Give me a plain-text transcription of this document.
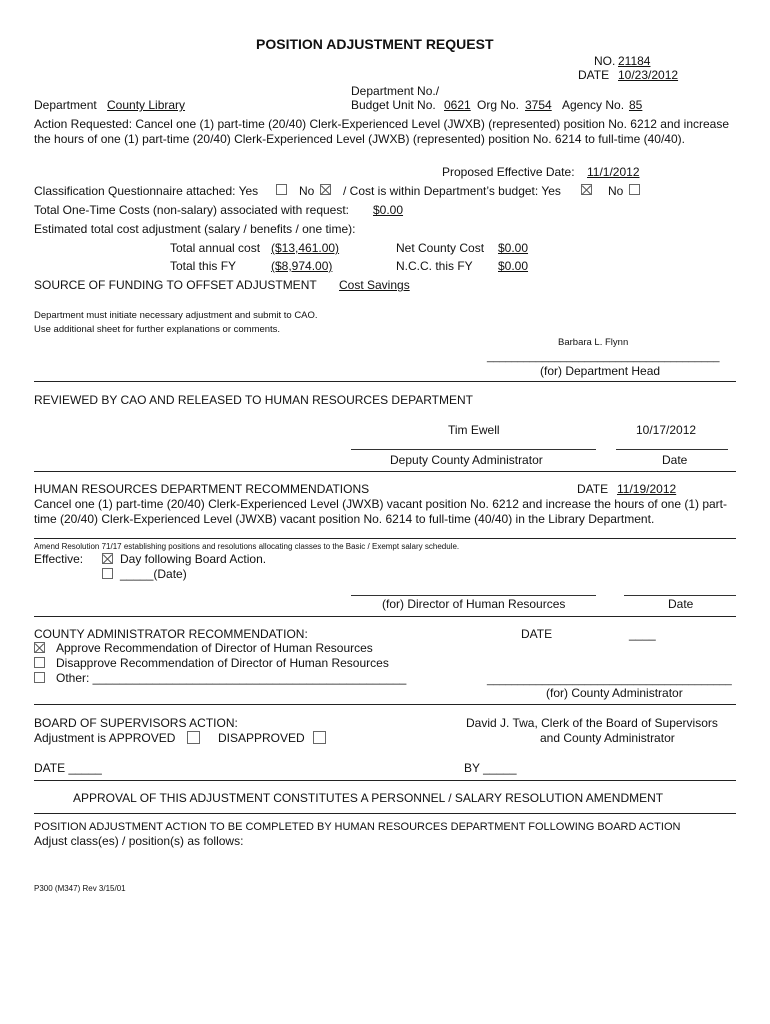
POSITION ADJUSTMENT REQUEST
NO. 21184
DATE 10/23/2012
Department No./
Department County Library	Budget Unit No. 0621 Org No. 3754 Agency No. 85
Action Requested: Cancel one (1) part-time (20/40) Clerk-Experienced Level (JWXB) (represented) position No. 6212 and increase the hours of one (1) part-time (20/40) Clerk-Experienced Level (JWXB) (represented) position No. 6214 to full-time (40/40).
Proposed Effective Date: 11/1/2012
Classification Questionnaire attached: Yes	No / Cost is within Department’s budget: Yes	No
Total One-Time Costs (non-salary) associated with request: $0.00
Estimated total cost adjustment (salary / benefits / one time):
Total annual cost ($13,461.00)	Net County Cost $0.00
Total this FY	($8,974.00)	N.C.C. this FY $0.00
SOURCE OF FUNDING TO OFFSET ADJUSTMENT Cost Savings
Department must initiate necessary adjustment and submit to CAO.
Use additional sheet for further explanations or comments.
Barbara L. Flynn
______________________________________
(for) Department Head
REVIEWED BY CAO AND RELEASED TO HUMAN RESOURCES DEPARTMENT
Tim Ewell	10/17/2012
Deputy County Administrator	Date
HUMAN RESOURCES DEPARTMENT RECOMMENDATIONS	DATE 11/19/2012
Cancel one (1) part-time (20/40) Clerk-Experienced Level (JWXB) vacant position No. 6212 and increase the hours of one (1) part-time (20/40) Clerk-Experienced Level (JWXB) vacant position No. 6214 to full-time (40/40) in the Library Department.
Amend Resolution 71/17 establishing positions and resolutions allocating classes to the Basic / Exempt salary schedule.
Effective:	Day following Board Action.
_____(Date)
(for) Director of Human Resources	Date
COUNTY ADMINISTRATOR RECOMMENDATION:	DATE	____
Approve Recommendation of Director of Human Resources
Disapprove Recommendation of Director of Human Resources
Other: _______________________________________________	________________________________________
(for) County Administrator
BOARD OF SUPERVISORS ACTION:
Adjustment is APPROVED	DISAPPROVED
David J. Twa, Clerk of the Board of Supervisors
and County Administrator
DATE _____	BY _____
APPROVAL OF THIS ADJUSTMENT CONSTITUTES A PERSONNEL / SALARY RESOLUTION AMENDMENT
POSITION ADJUSTMENT ACTION TO BE COMPLETED BY HUMAN RESOURCES DEPARTMENT FOLLOWING BOARD ACTION
Adjust class(es) / position(s) as follows:
P300 (M347) Rev 3/15/01
